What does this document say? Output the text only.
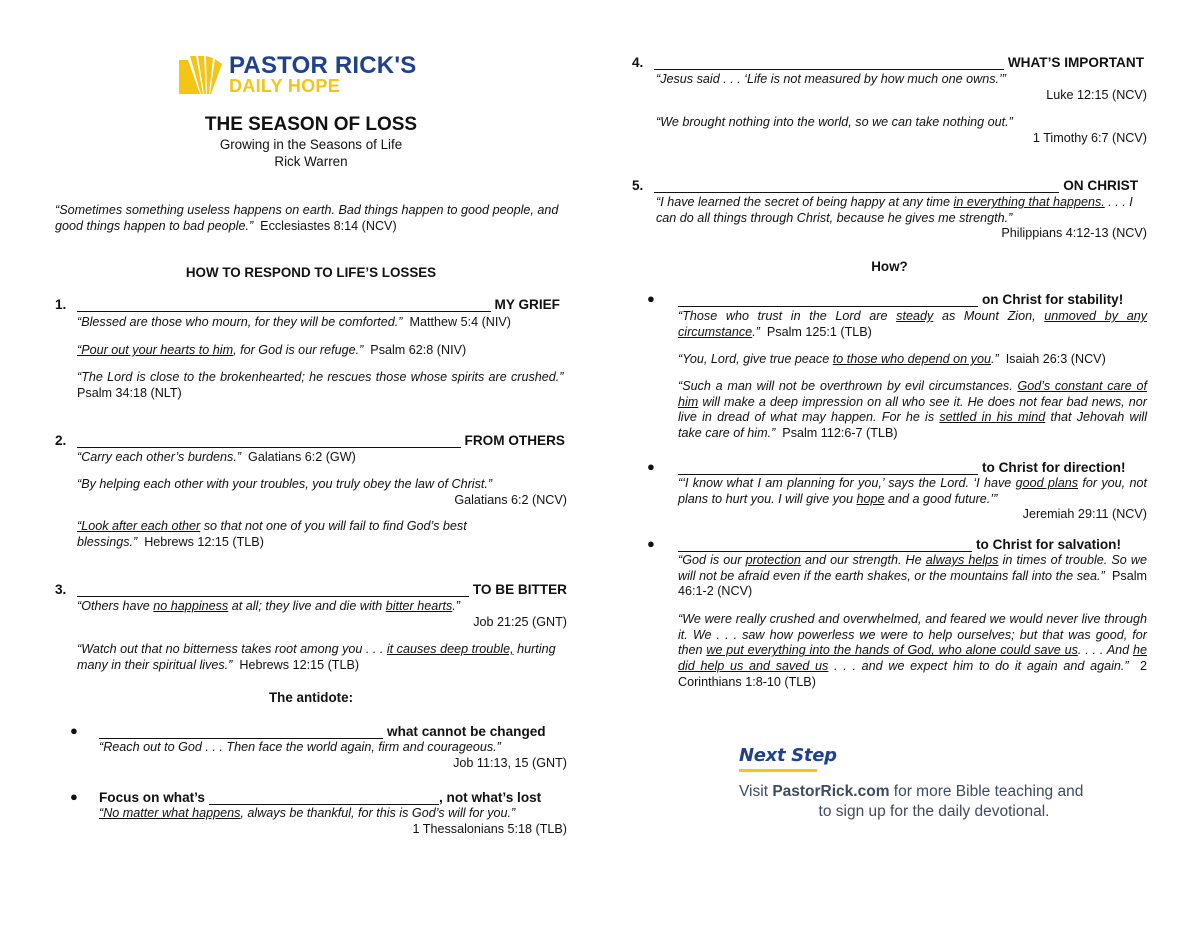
PASTOR RICK'S
DAILY HOPE
THE SEASON OF LOSS
Growing in the Seasons of Life
Rick Warren
“Sometimes something useless happens on earth. Bad things happen to good people, and good things happen to bad people.” Ecclesiastes 8:14 (NCV)
HOW TO RESPOND TO LIFE’S LOSSES
1.	MY GRIEF
“Blessed are those who mourn, for they will be comforted.” Matthew 5:4 (NIV)
“Pour out your hearts to him, for God is our refuge.” Psalm 62:8 (NIV)
“The Lord is close to the brokenhearted; he rescues those whose spirits are crushed.”  Psalm 34:18 (NLT)
2.	FROM OTHERS
“Carry each other’s burdens.” Galatians 6:2 (GW)
“By helping each other with your troubles, you truly obey the law of Christ.”
Galatians 6:2 (NCV)
“Look after each other so that not one of you will fail to find God’s best blessings.” Hebrews 12:15 (TLB)
3.	TO BE BITTER
“Others have no happiness at all; they live and die with bitter hearts.”
Job 21:25 (GNT)
“Watch out that no bitterness takes root among you . . . it causes deep trouble, hurting many in their spiritual lives.” Hebrews 12:15 (TLB)
The antidote:
●	what cannot be changed
“Reach out to God . . . Then face the world again, firm and courageous.”
Job 11:13, 15 (GNT)
● Focus on what’s	, not what’s lost
“No matter what happens, always be thankful, for this is God’s will for you.”
1 Thessalonians 5:18 (TLB)
4.	WHAT’S IMPORTANT
“Jesus said . . . ‘Life is not measured by how much one owns.’”
Luke 12:15 (NCV)
“We brought nothing into the world, so we can take nothing out.”
1 Timothy 6:7 (NCV)
5.	ON CHRIST
“I have learned the secret of being happy at any time in everything that happens. . . . I can do all things through Christ, because he gives me strength.”
Philippians 4:12-13 (NCV)
How?
●	on Christ for stability!
“Those who trust in the Lord are steady as Mount Zion, unmoved by any circumstance.” Psalm 125:1 (TLB)
“You, Lord, give true peace to those who depend on you.” Isaiah 26:3 (NCV)
“Such a man will not be overthrown by evil circumstances. God’s constant care of him will make a deep impression on all who see it. He does not fear bad news, nor live in dread of what may happen. For he is settled in his mind that Jehovah will take care of him.” Psalm 112:6-7 (TLB)
●	to Christ for direction!
“‘I know what I am planning for you,’ says the Lord. ‘I have good plans for you, not plans to hurt you. I will give you hope and a good future.’”
Jeremiah 29:11 (NCV)
●	to Christ for salvation!
“God is our protection and our strength. He always helps in times of trouble. So we will not be afraid even if the earth shakes, or the mountains fall into the sea.” Psalm 46:1-2 (NCV)
“We were really crushed and overwhelmed, and feared we would never live through it. We . . . saw how powerless we were to help ourselves; but that was good, for then we put everything into the hands of God, who alone could save us. . . . And he did help us and saved us . . . and we expect him to do it again and again.” 2 Corinthians 1:8-10 (TLB)
Next Step
Visit PastorRick.com for more Bible teaching and
to sign up for the daily devotional.
